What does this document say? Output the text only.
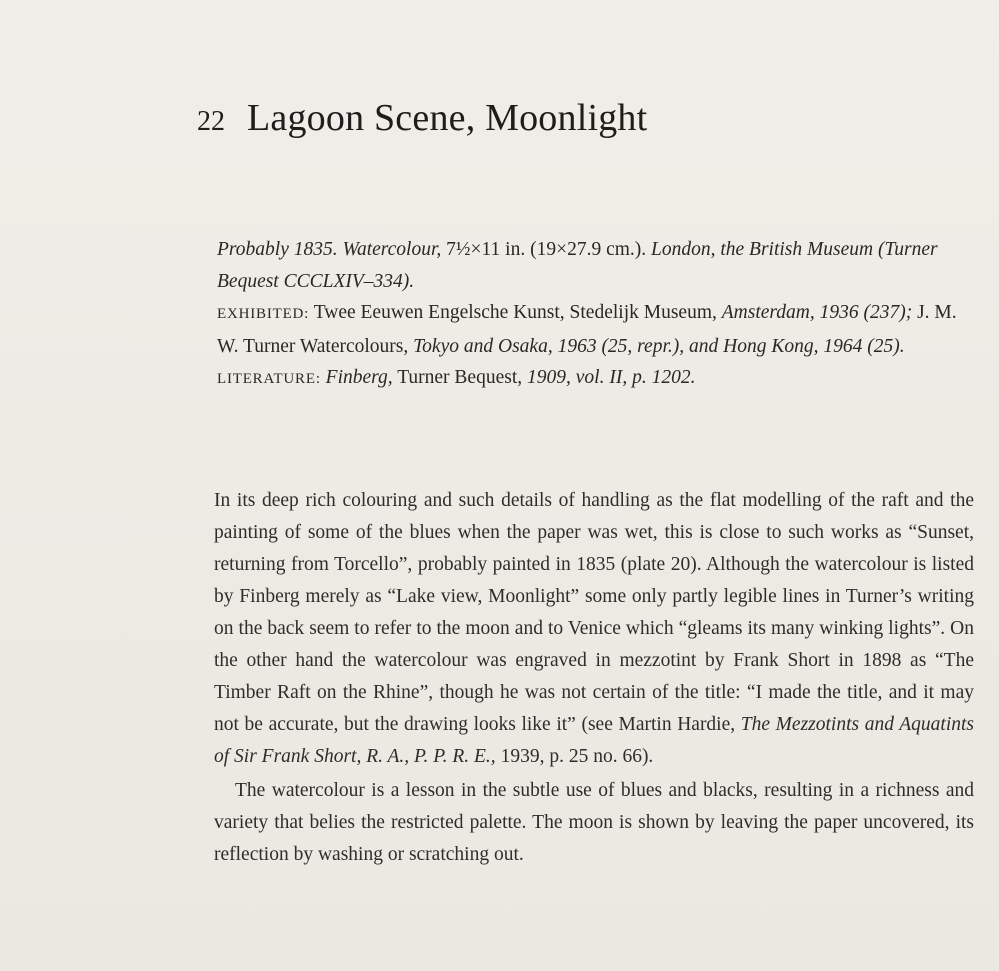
22 Lagoon Scene, Moonlight

Probably 1835. Watercolour, 7½×11 in. (19×27.9 cm.). London, the British Museum (Turner Bequest CCCLXIV–334).

EXHIBITED: Twee Eeuwen Engelsche Kunst, Stedelijk Museum, Amsterdam, 1936 (237); J. M. W. Turner Watercolours, Tokyo and Osaka, 1963 (25, repr.), and Hong Kong, 1964 (25).

LITERATURE: Finberg, Turner Bequest, 1909, vol. II, p. 1202.

In its deep rich colouring and such details of handling as the flat modelling of the raft and the painting of some of the blues when the paper was wet, this is close to such works as “Sunset, returning from Torcello”, probably painted in 1835 (plate 20). Although the watercolour is listed by Finberg merely as “Lake view, Moonlight” some only partly legible lines in Turner’s writing on the back seem to refer to the moon and to Venice which “gleams its many winking lights”. On the other hand the watercolour was engraved in mezzotint by Frank Short in 1898 as “The Timber Raft on the Rhine”, though he was not certain of the title: “I made the title, and it may not be accurate, but the drawing looks like it” (see Martin Hardie, The Mezzotints and Aquatints of Sir Frank Short, R. A., P. P. R. E., 1939, p. 25 no. 66).

The watercolour is a lesson in the subtle use of blues and blacks, resulting in a richness and variety that belies the restricted palette. The moon is shown by leaving the paper uncovered, its reflection by washing or scratching out.
